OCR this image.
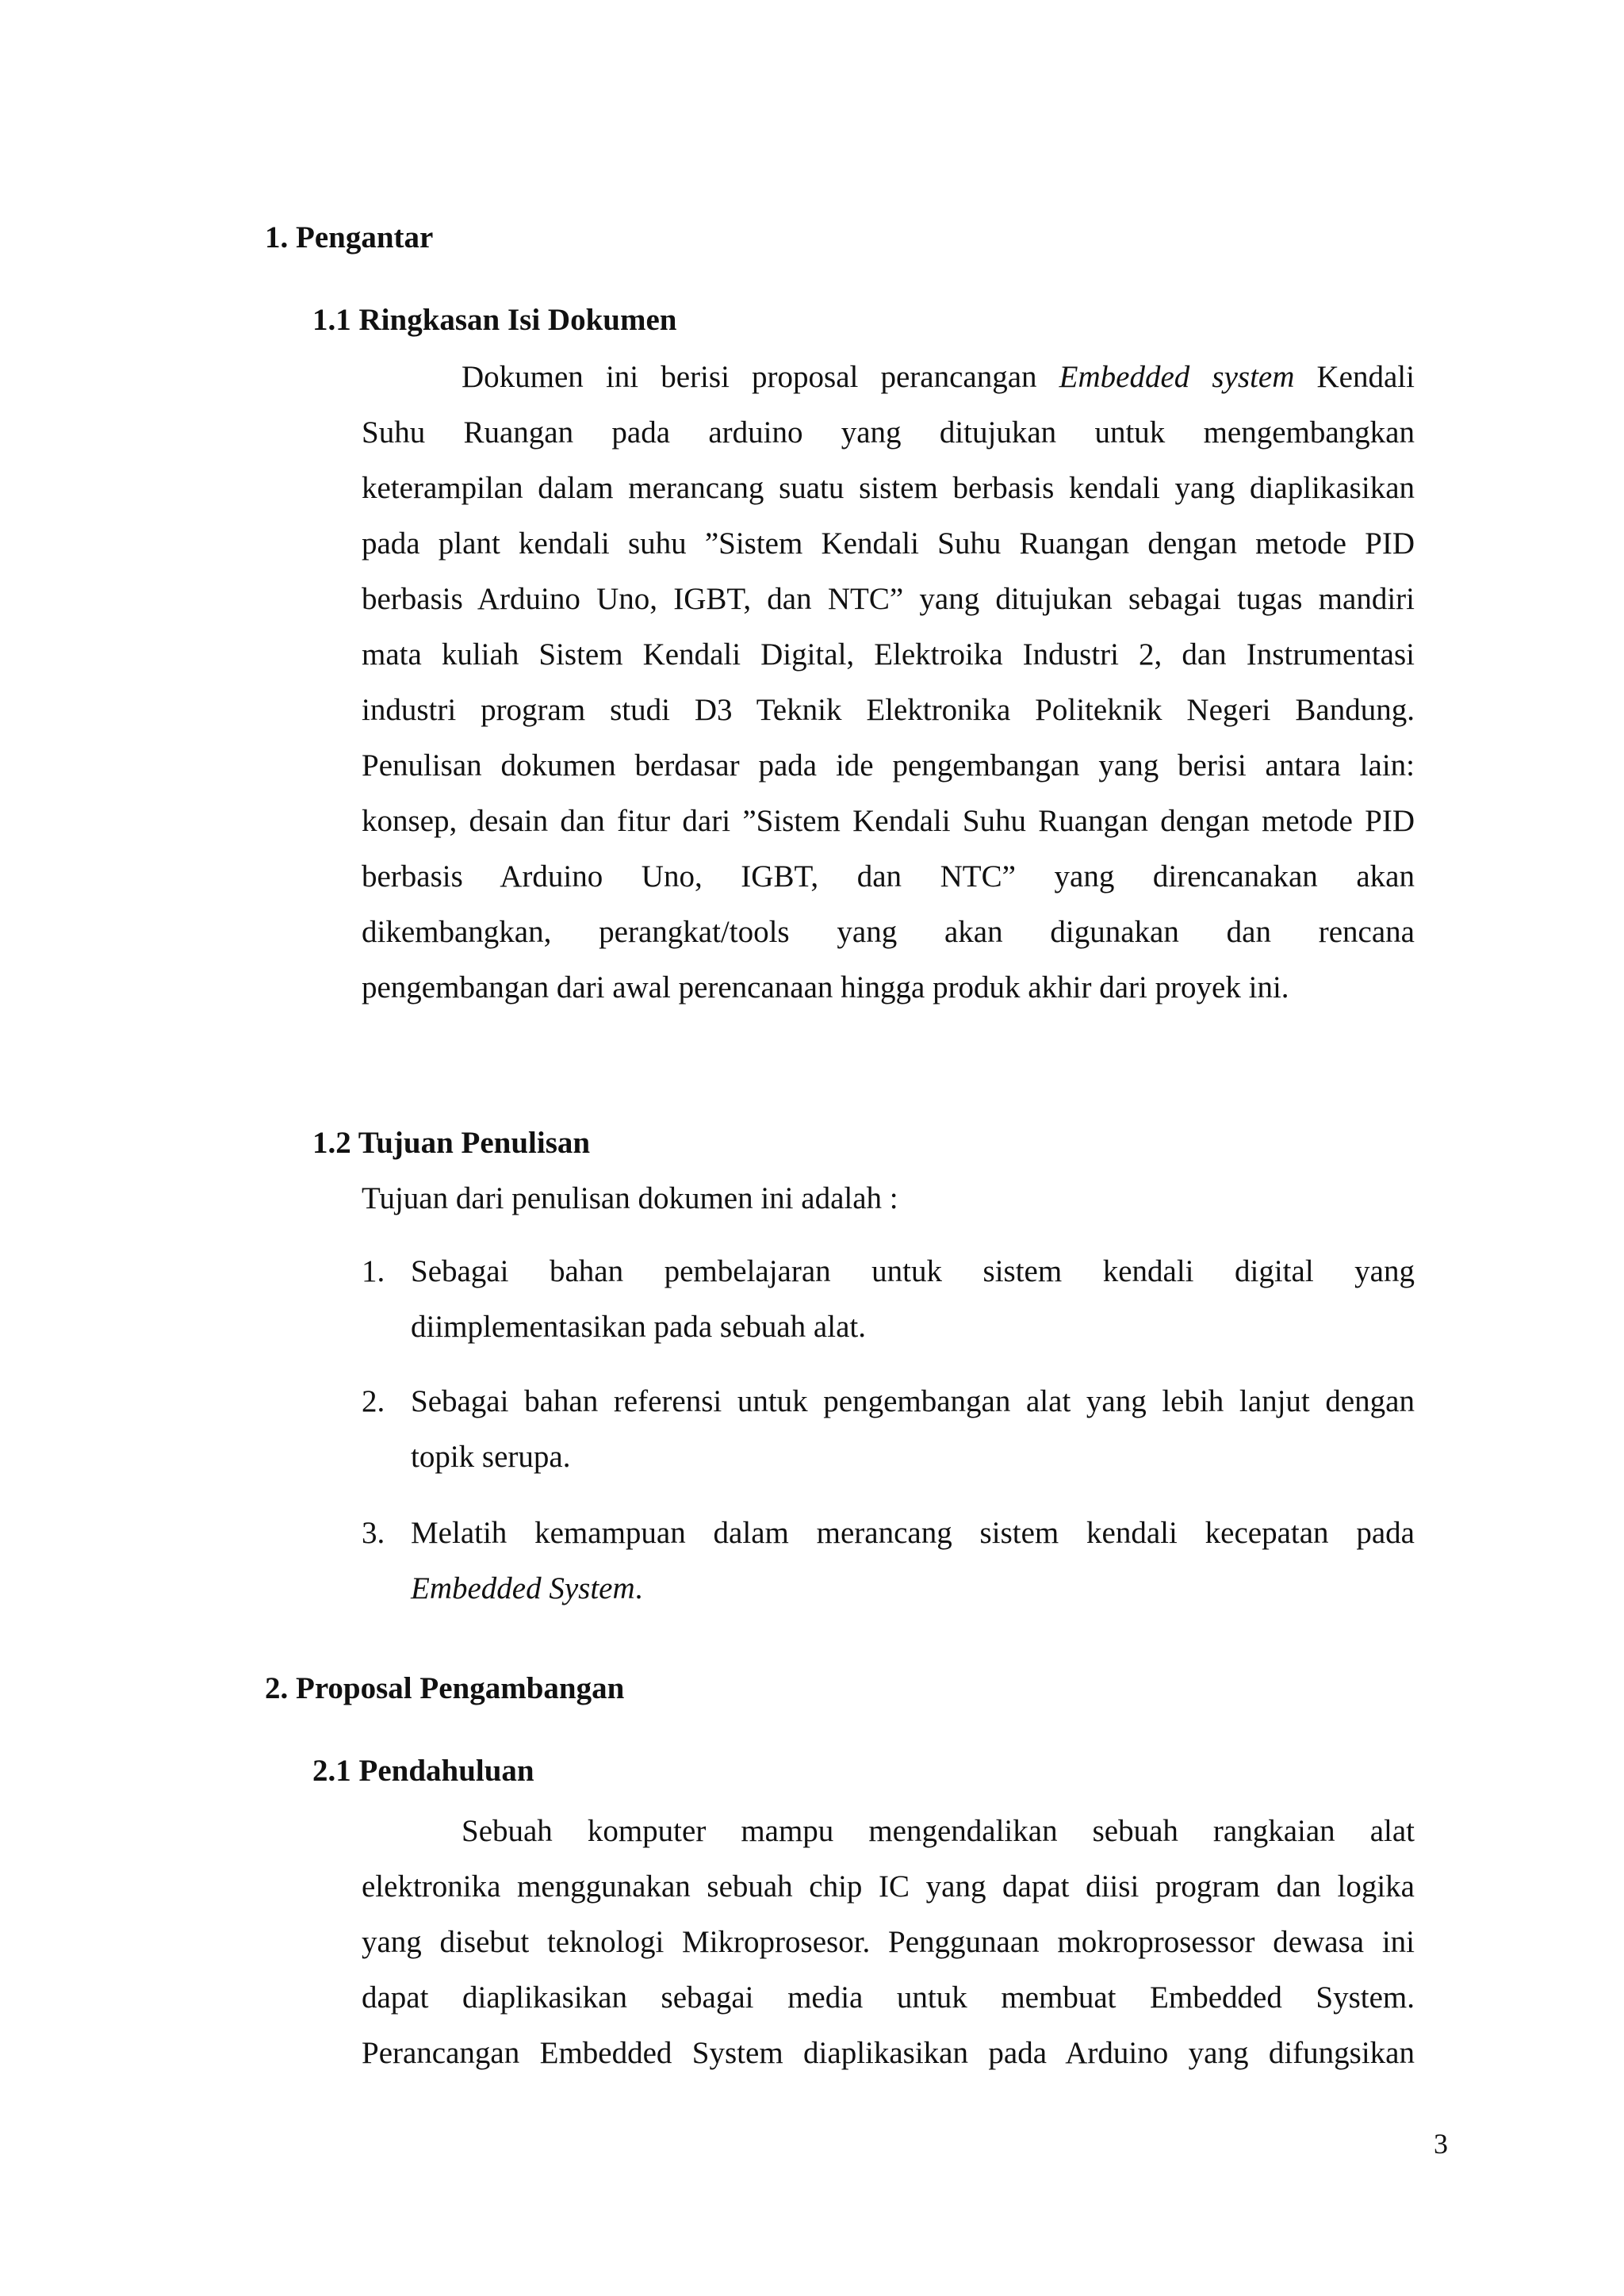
1. Pengantar
1.1 Ringkasan Isi Dokumen
Dokumen ini berisi proposal perancangan Embedded system Kendali
Suhu Ruangan pada arduino yang ditujukan untuk mengembangkan
keterampilan dalam merancang suatu sistem berbasis kendali yang diaplikasikan
pada plant kendali suhu ”Sistem Kendali Suhu Ruangan dengan metode PID
berbasis Arduino Uno, IGBT, dan NTC” yang ditujukan sebagai tugas mandiri
mata kuliah Sistem Kendali Digital, Elektroika Industri 2, dan Instrumentasi
industri program studi D3 Teknik Elektronika Politeknik Negeri Bandung.
Penulisan dokumen berdasar pada ide pengembangan yang berisi antara lain:
konsep, desain dan fitur dari ”Sistem Kendali Suhu Ruangan dengan metode PID
berbasis Arduino Uno, IGBT, dan NTC” yang direncanakan akan
dikembangkan, perangkat/tools yang akan digunakan dan rencana
pengembangan dari awal perencanaan hingga produk akhir dari proyek ini.
1.2 Tujuan Penulisan
Tujuan dari penulisan dokumen ini adalah :
1. Sebagai bahan pembelajaran untuk sistem kendali digital yang
diimplementasikan pada sebuah alat.
2. Sebagai bahan referensi untuk pengembangan alat yang lebih lanjut dengan
topik serupa.
3. Melatih kemampuan dalam merancang sistem kendali kecepatan pada
Embedded System.
2. Proposal Pengambangan
2.1 Pendahuluan
Sebuah komputer mampu mengendalikan sebuah rangkaian alat
elektronika menggunakan sebuah chip IC yang dapat diisi program dan logika
yang disebut teknologi Mikroprosesor. Penggunaan mokroprosessor dewasa ini
dapat diaplikasikan sebagai media untuk membuat Embedded System.
Perancangan Embedded System diaplikasikan pada Arduino yang difungsikan
3
